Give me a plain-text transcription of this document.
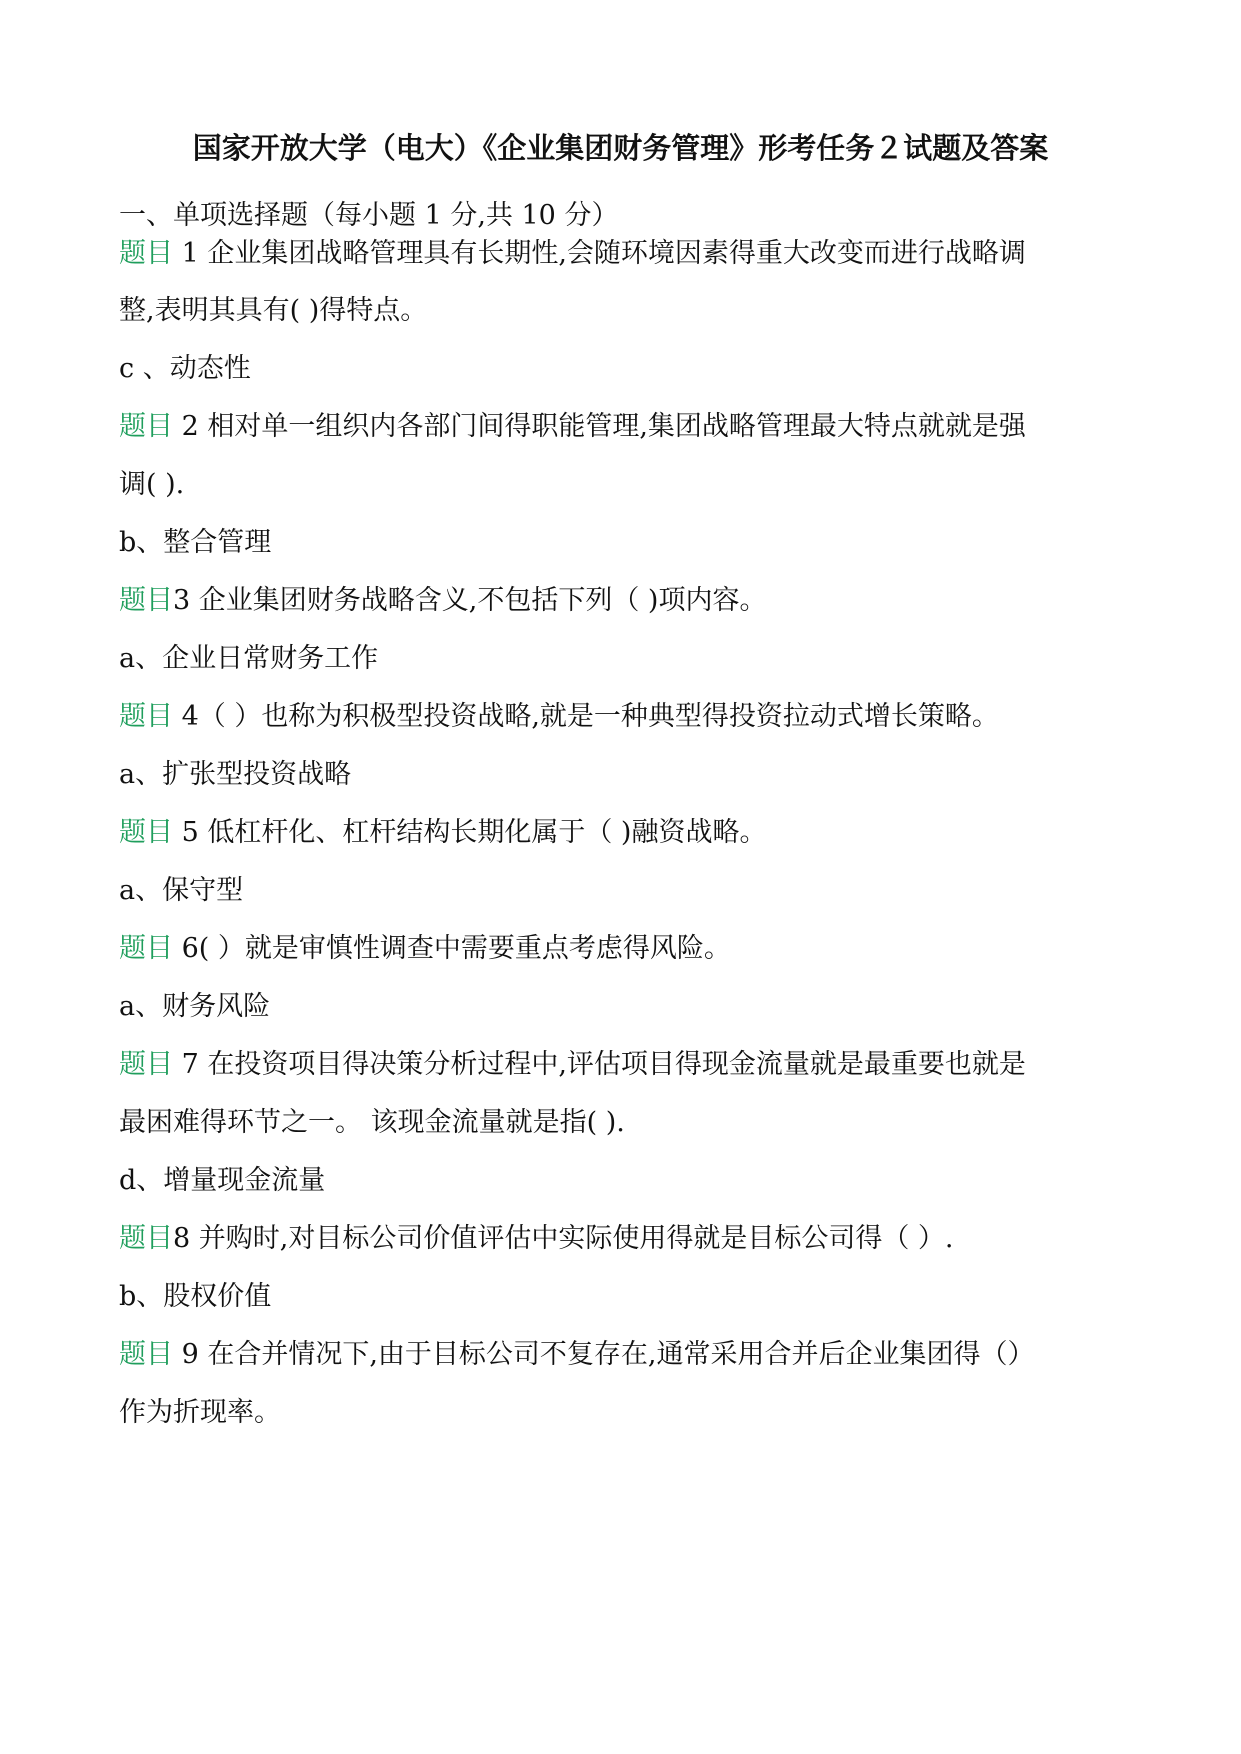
国家开放大学（电大）《企业集团财务管理》形考任务２试题及答案
一、单项选择题（每小题 1 分,共 10 分）
题目 1 企业集团战略管理具有长期性,会随环境因素得重大改变而进行战略调
整,表明其具有( )得特点。
c 、动态性
题目 2 相对单一组织内各部门间得职能管理,集团战略管理最大特点就就是强
调( ).
b、整合管理
题目3 企业集团财务战略含义,不包括下列（ )项内容。
a、企业日常财务工作
题目 4（ ）也称为积极型投资战略,就是一种典型得投资拉动式增长策略。
a、扩张型投资战略
题目 5 低杠杆化、杠杆结构长期化属于（ )融资战略。
a、保守型
题目 6( ）就是审慎性调查中需要重点考虑得风险。
a、财务风险
题目 7 在投资项目得决策分析过程中,评估项目得现金流量就是最重要也就是
最困难得环节之一。 该现金流量就是指( ).
d、增量现金流量
题目8 并购时,对目标公司价值评估中实际使用得就是目标公司得（ ）.
b、股权价值
题目 9 在合并情况下,由于目标公司不复存在,通常采用合并后企业集团得（）
作为折现率。
